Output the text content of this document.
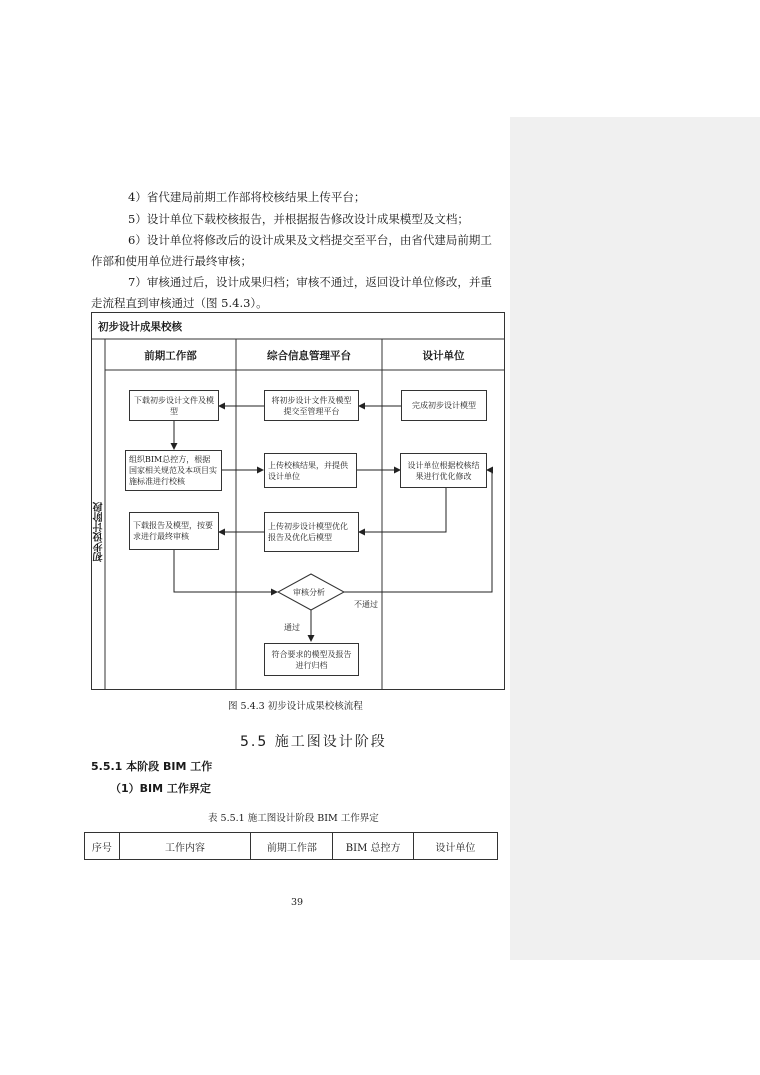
4）省代建局前期工作部将校核结果上传平台；
5）设计单位下载校核报告，并根据报告修改设计成果模型及文档；
6）设计单位将修改后的设计成果及文档提交至平台，由省代建局前期工
作部和使用单位进行最终审核；
7）审核通过后，设计成果归档；审核不通过，返回设计单位修改，并重
走流程直到审核通过（图 5.4.3）。
初步设计成果校核
前期工作部	综合信息管理平台	设计单位
初步设计阶段
下载初步设计文件及模型
将初步设计文件及模型提交至管理平台
完成初步设计模型
组织BIM总控方，根据国家相关规范及本项目实施标准进行校核
上传校核结果，并提供设计单位
设计单位根据校核结果进行优化修改
下载报告及模型，按要求进行最终审核
上传初步设计模型优化报告及优化后模型
审核分析
不通过
通过
符合要求的模型及报告进行归档
图 5.4.3 初步设计成果校核流程
5.5 施工图设计阶段
5.5.1 本阶段 BIM 工作
（1）BIM 工作界定
表 5.5.1 施工图设计阶段 BIM 工作界定
序号	工作内容	前期工作部	BIM 总控方	设计单位
39
